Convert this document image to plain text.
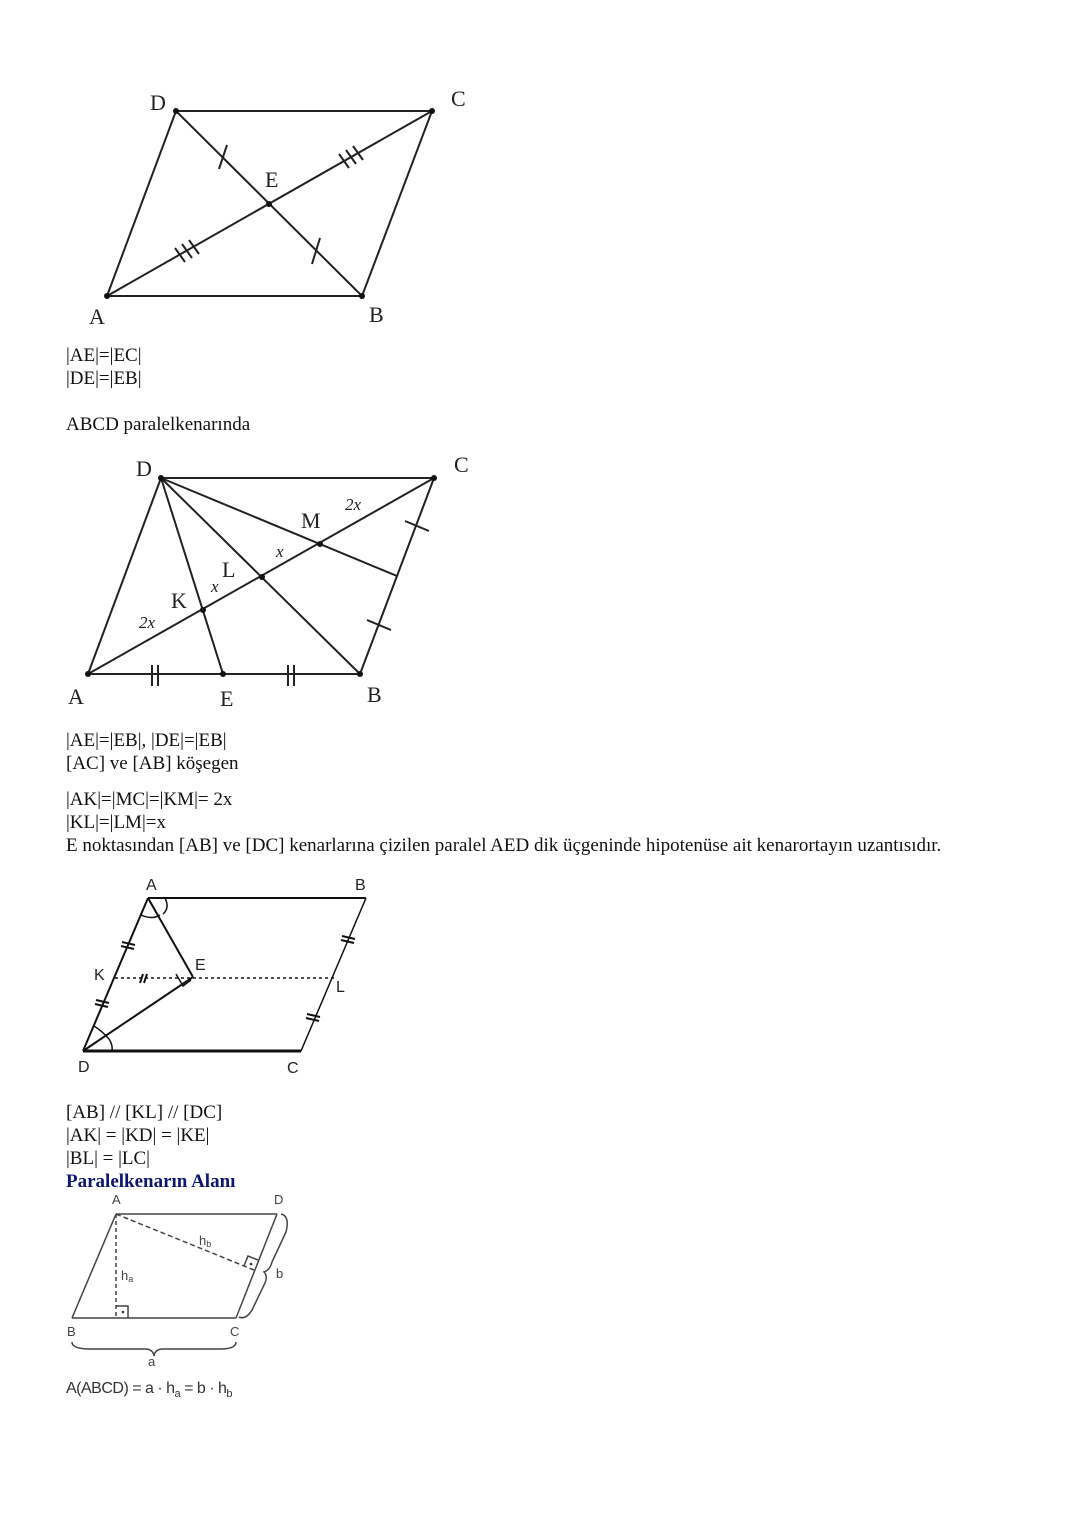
D	C
E
A	B
|AE|=|EC|
|DE|=|EB|
ABCD paralelkenarında
D	C
M
L
K
A	E	B
2x
x
x
2x
|AE|=|EB|, |DE|=|EB|
[AC] ve [AB] köşegen
|AK|=|MC|=|KM|= 2x
|KL|=|LM|=x
E noktasından [AB] ve [DC] kenarlarına çizilen paralel AED dik üçgeninde hipotenüse ait kenarortayın uzantısıdır.
A	B
E
K
L
D	C
[AB] // [KL] // [DC]
|AK| = |KD| = |KE|
|BL| = |LC|
Paralelkenarın Alanı
A	D
B	C
a
b
ha
hb
A(ABCD) = $a \cdot h_a = b \cdot h_b$
